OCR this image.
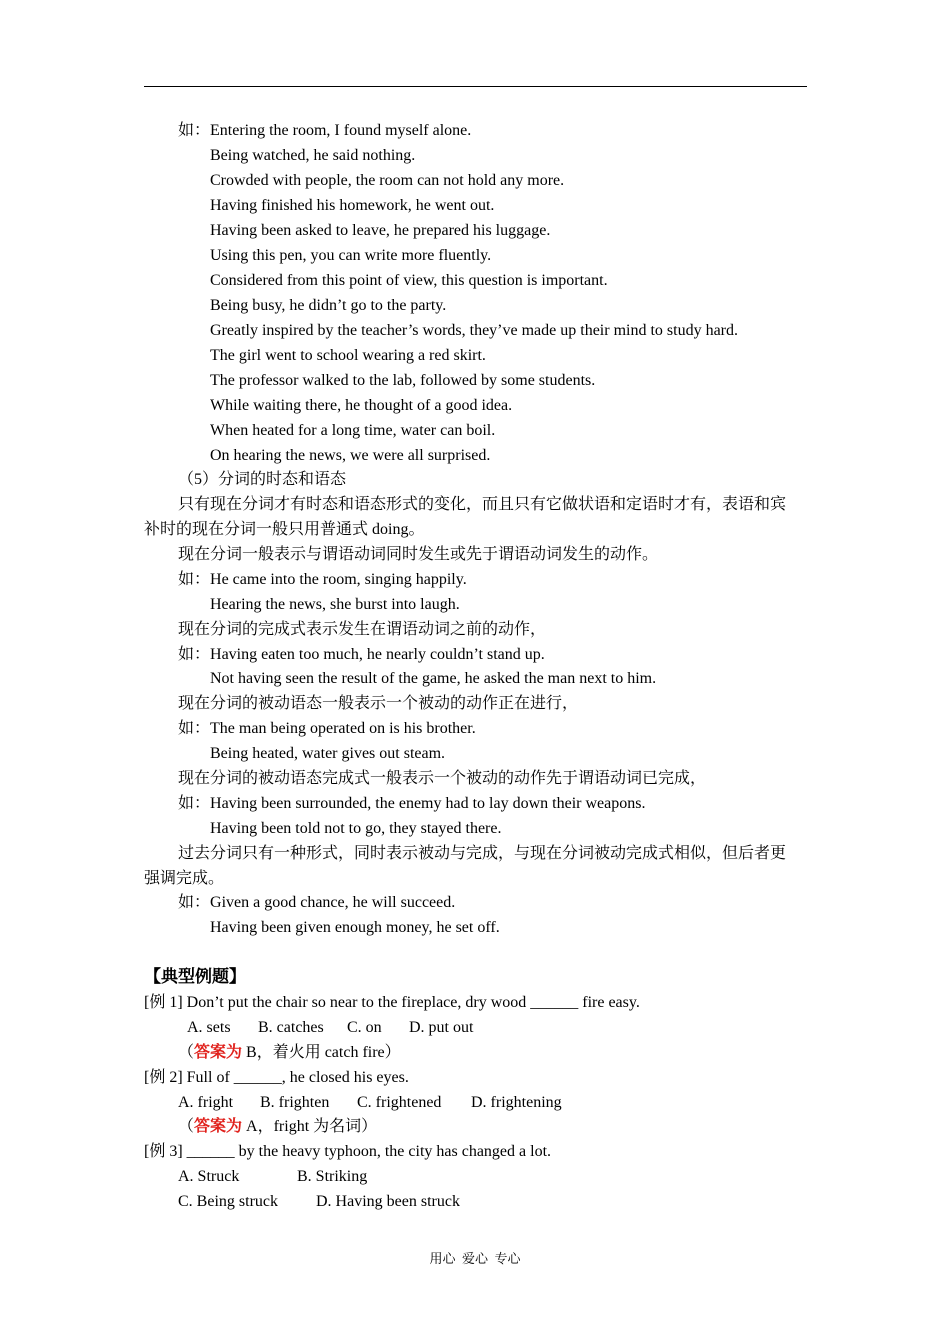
如：Entering the room, I found myself alone.
Being watched, he said nothing.
Crowded with people, the room can not hold any more.
Having finished his homework, he went out.
Having been asked to leave, he prepared his luggage.
Using this pen, you can write more fluently.
Considered from this point of view, this question is important.
Being busy, he didn’t go to the party.
Greatly inspired by the teacher’s words, they’ve made up their mind to study hard.
The girl went to school wearing a red skirt.
The professor walked to the lab, followed by some students.
While waiting there, he thought of a good idea.
When heated for a long time, water can boil.
On hearing the news, we were all surprised.
（5）分词的时态和语态
只有现在分词才有时态和语态形式的变化，而且只有它做状语和定语时才有，表语和宾
补时的现在分词一般只用普通式 doing。
现在分词一般表示与谓语动词同时发生或先于谓语动词发生的动作。
如：He came into the room, singing happily.
Hearing the news, she burst into laugh.
现在分词的完成式表示发生在谓语动词之前的动作，
如：Having eaten too much, he nearly couldn’t stand up.
Not having seen the result of the game, he asked the man next to him.
现在分词的被动语态一般表示一个被动的动作正在进行，
如：The man being operated on is his brother.
Being heated, water gives out steam.
现在分词的被动语态完成式一般表示一个被动的动作先于谓语动词已完成，
如：Having been surrounded, the enemy had to lay down their weapons.
Having been told not to go, they stayed there.
过去分词只有一种形式，同时表示被动与完成，与现在分词被动完成式相似，但后者更
强调完成。
如：Given a good chance, he will succeed.
Having been given enough money, he set off.
【典型例题】
[例 1] Don’t put the chair so near to the fireplace, dry wood ______ fire easy.
A. sets B. catches C. on D. put out
（答案为 B，着火用 catch fire）
[例 2] Full of ______, he closed his eyes.
A. fright B. frighten C. frightened D. frightening
（答案为 A，fright 为名词）
[例 3] ______ by the heavy typhoon, the city has changed a lot.
A. Struck	B. Striking
C. Being struck D. Having been struck
用心  爱心  专心
